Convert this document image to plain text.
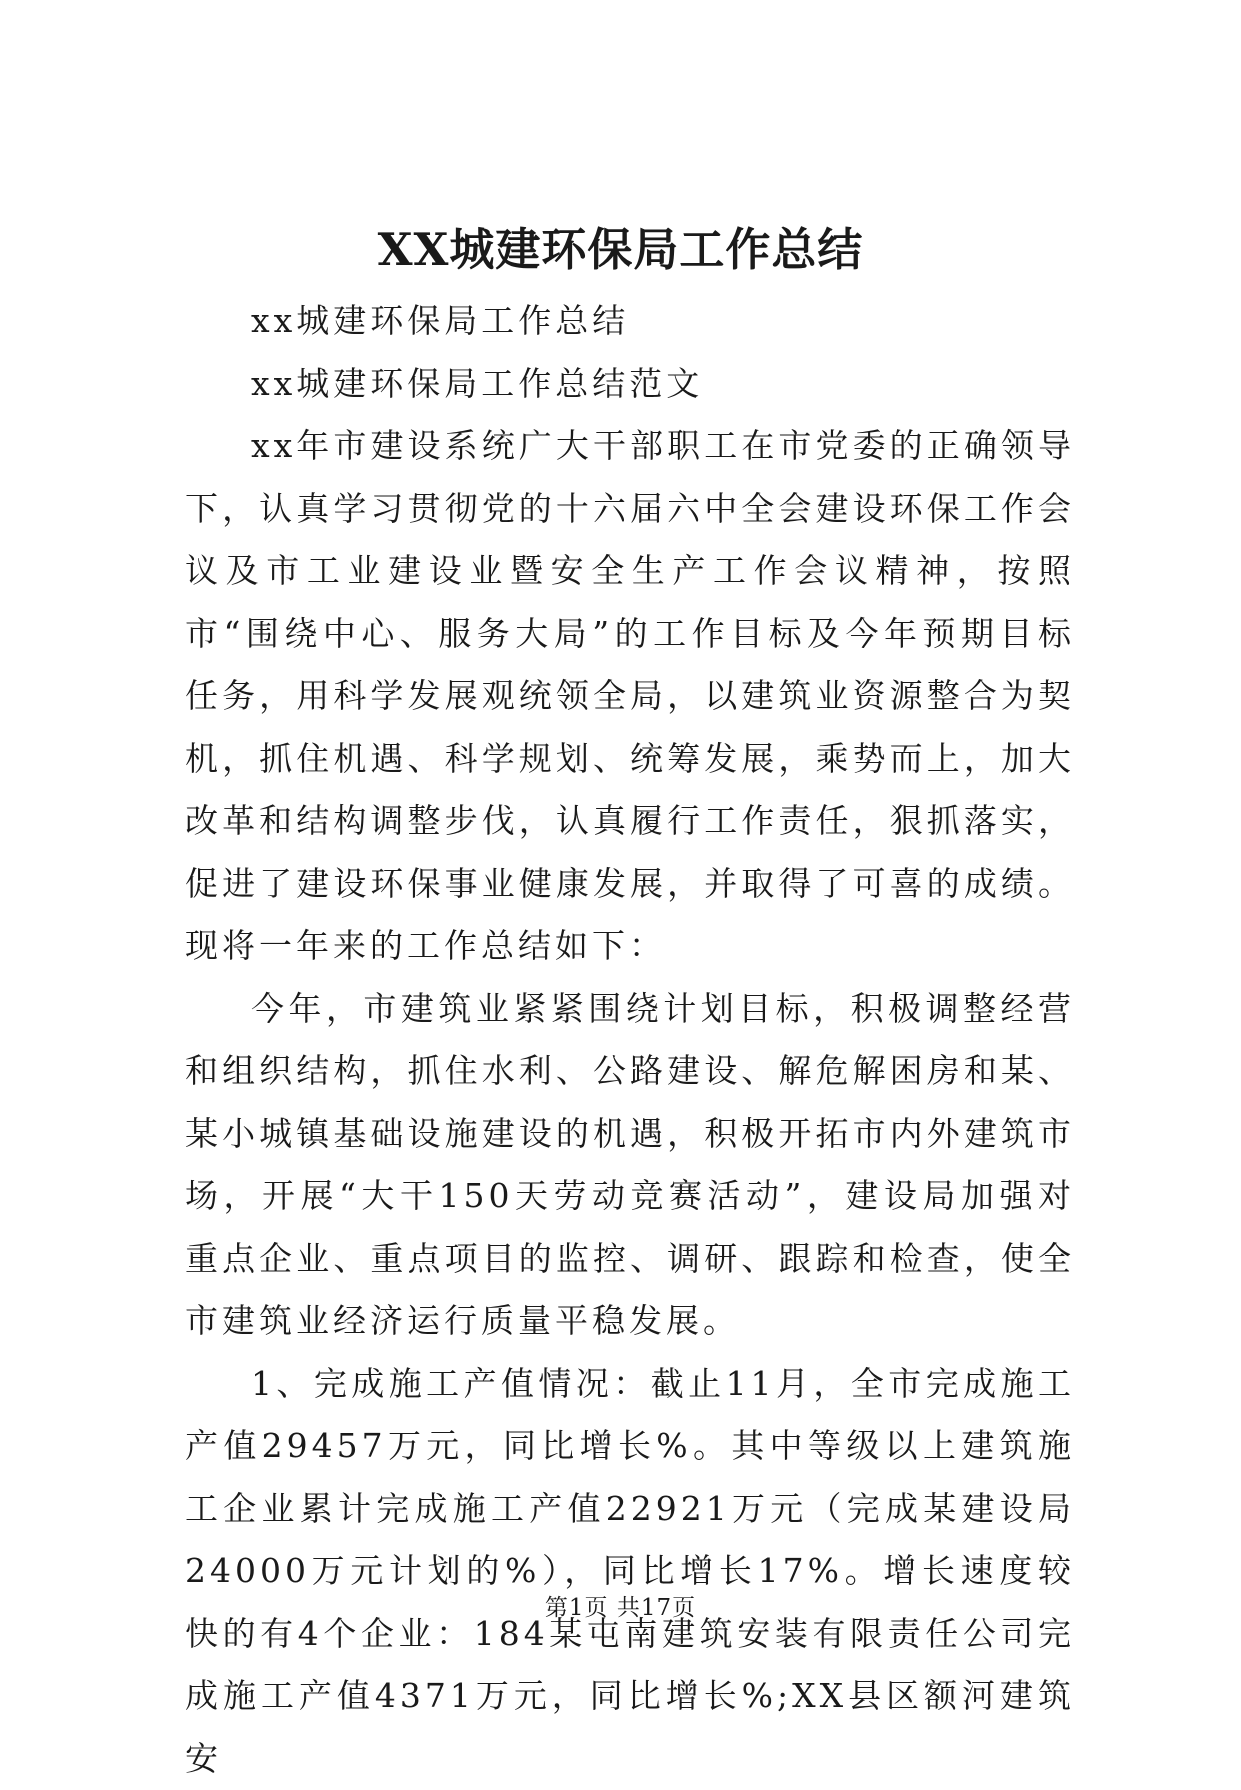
XX城建环保局工作总结

xx城建环保局工作总结

xx城建环保局工作总结范文

xx年市建设系统广大干部职工在市党委的正确领导下，认真学习贯彻党的十六届六中全会建设环保工作会议及市工业建设业暨安全生产工作会议精神，按照市“围绕中心、服务大局”的工作目标及今年预期目标任务，用科学发展观统领全局，以建筑业资源整合为契机，抓住机遇、科学规划、统筹发展，乘势而上，加大改革和结构调整步伐，认真履行工作责任，狠抓落实，促进了建设环保事业健康发展，并取得了可喜的成绩。现将一年来的工作总结如下：

今年，市建筑业紧紧围绕计划目标，积极调整经营和组织结构，抓住水利、公路建设、解危解困房和某、某小城镇基础设施建设的机遇，积极开拓市内外建筑市场，开展“大干150天劳动竞赛活动”，建设局加强对重点企业、重点项目的监控、调研、跟踪和检查，使全市建筑业经济运行质量平稳发展。

1、完成施工产值情况：截止11月，全市完成施工产值29457万元，同比增长%。其中等级以上建筑施工企业累计完成施工产值22921万元（完成某建设局24000万元计划的%），同比增长17%。增长速度较快的有4个企业：184某屯南建筑安装有限责任公司完成施工产值4371万元，同比增长%;XX县区额河建筑安

第1页 共17页
